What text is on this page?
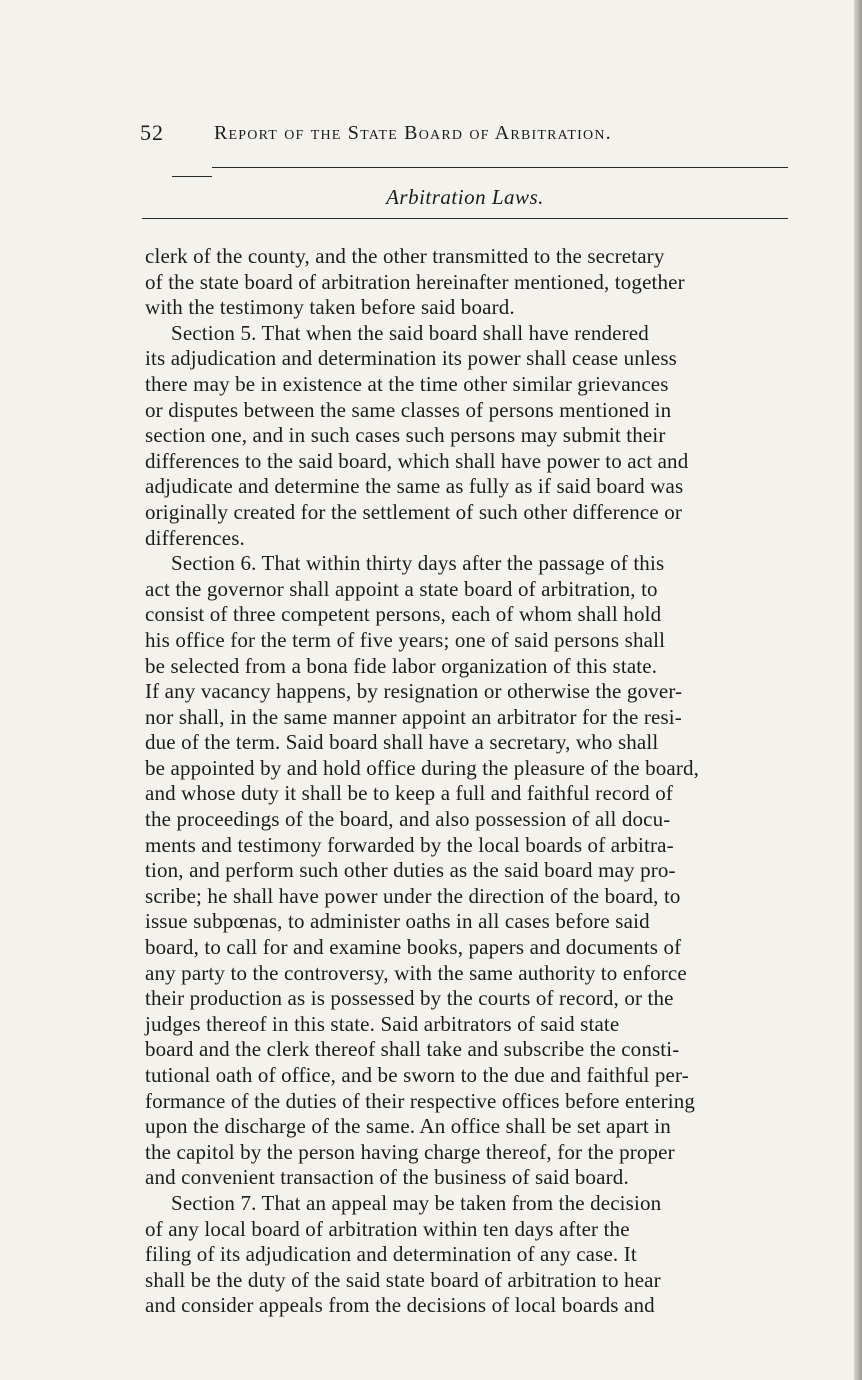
52	Report of the State Board of Arbitration.
Arbitration Laws.
clerk of the county, and the other transmitted to the secretary
of the state board of arbitration hereinafter mentioned, together
with the testimony taken before said board.
Section 5. That when the said board shall have rendered
its adjudication and determination its power shall cease unless
there may be in existence at the time other similar grievances
or disputes between the same classes of persons mentioned in
section one, and in such cases such persons may submit their
differences to the said board, which shall have power to act and
adjudicate and determine the same as fully as if said board was
originally created for the settlement of such other difference or
differences.
Section 6. That within thirty days after the passage of this
act the governor shall appoint a state board of arbitration, to
consist of three competent persons, each of whom shall hold
his office for the term of five years; one of said persons shall
be selected from a bona fide labor organization of this state.
If any vacancy happens, by resignation or otherwise the gover-
nor shall, in the same manner appoint an arbitrator for the resi-
due of the term. Said board shall have a secretary, who shall
be appointed by and hold office during the pleasure of the board,
and whose duty it shall be to keep a full and faithful record of
the proceedings of the board, and also possession of all docu-
ments and testimony forwarded by the local boards of arbitra-
tion, and perform such other duties as the said board may pro-
scribe; he shall have power under the direction of the board, to
issue subpœnas, to administer oaths in all cases before said
board, to call for and examine books, papers and documents of
any party to the controversy, with the same authority to enforce
their production as is possessed by the courts of record, or the
judges thereof in this state. Said arbitrators of said state
board and the clerk thereof shall take and subscribe the consti-
tutional oath of office, and be sworn to the due and faithful per-
formance of the duties of their respective offices before entering
upon the discharge of the same. An office shall be set apart in
the capitol by the person having charge thereof, for the proper
and convenient transaction of the business of said board.
Section 7. That an appeal may be taken from the decision
of any local board of arbitration within ten days after the
filing of its adjudication and determination of any case. It
shall be the duty of the said state board of arbitration to hear
and consider appeals from the decisions of local boards and
